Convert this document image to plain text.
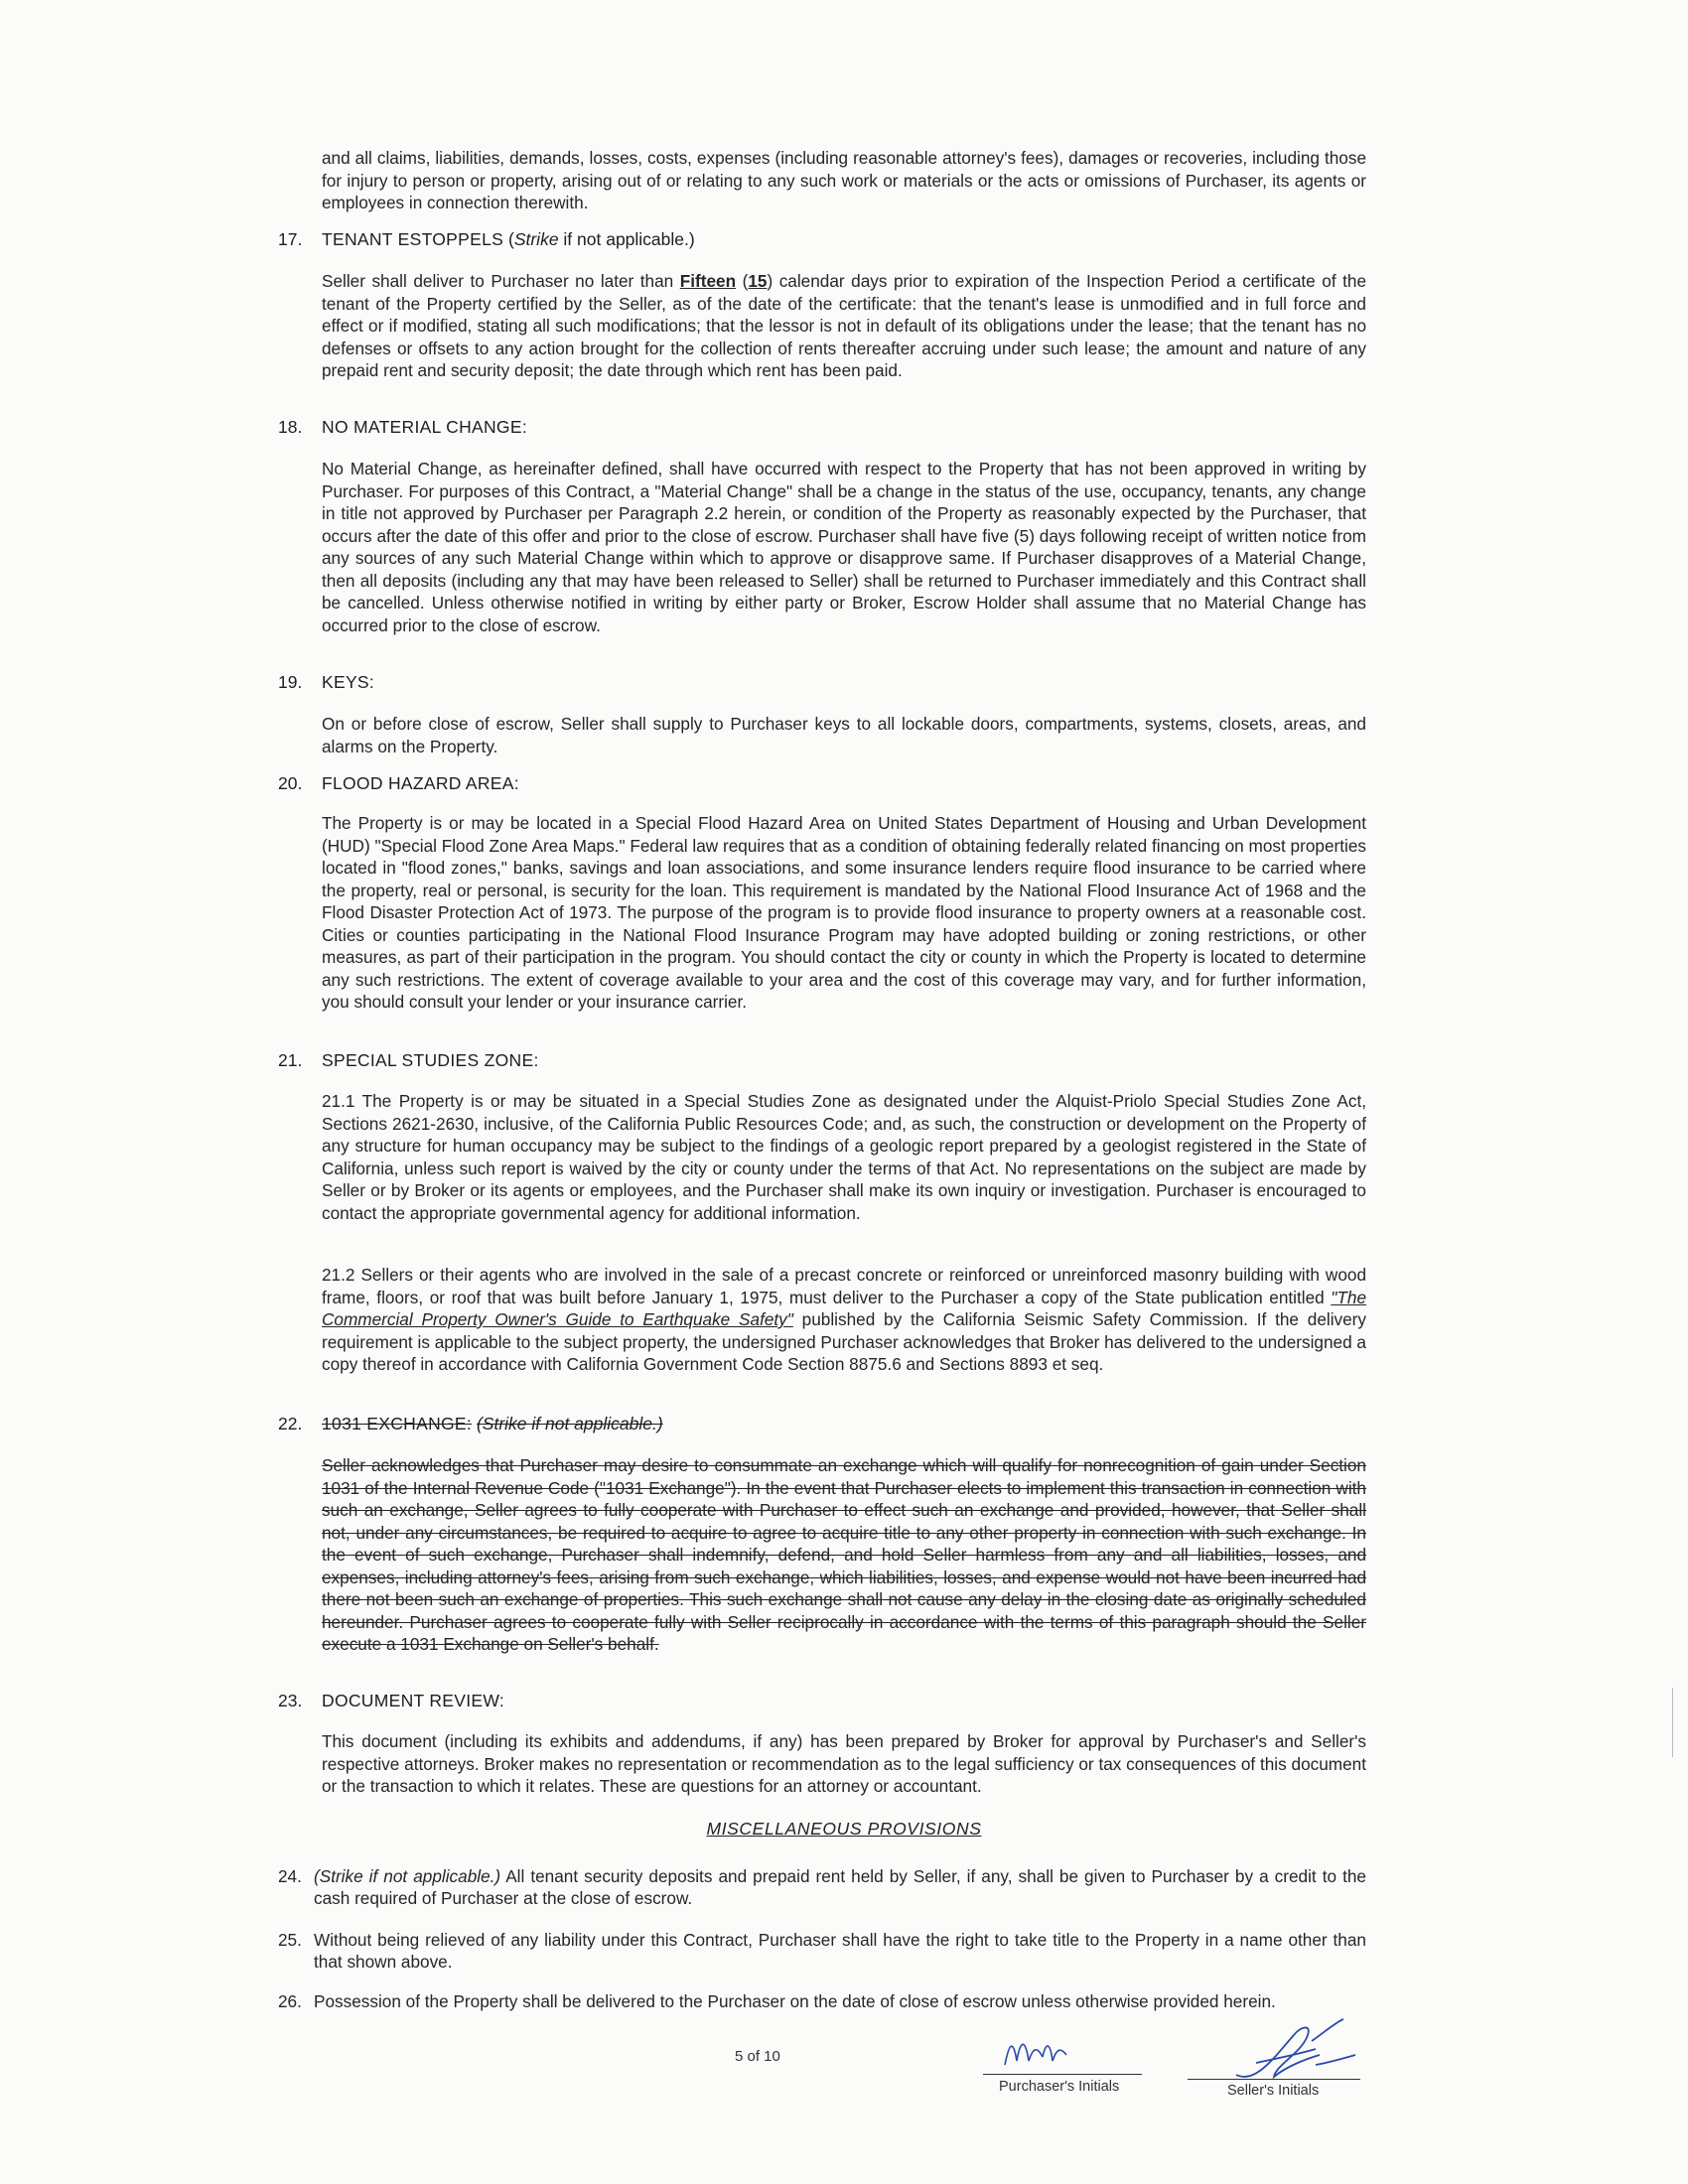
and all claims, liabilities, demands, losses, costs, expenses (including reasonable attorney's fees), damages or recoveries, including those for injury to person or property, arising out of or relating to any such work or materials or the acts or omissions of Purchaser, its agents or employees in connection therewith.
17. TENANT ESTOPPELS (Strike if not applicable.)
Seller shall deliver to Purchaser no later than Fifteen (15) calendar days prior to expiration of the Inspection Period a certificate of the tenant of the Property certified by the Seller, as of the date of the certificate: that the tenant's lease is unmodified and in full force and effect or if modified, stating all such modifications; that the lessor is not in default of its obligations under the lease; that the tenant has no defenses or offsets to any action brought for the collection of rents thereafter accruing under such lease; the amount and nature of any prepaid rent and security deposit; the date through which rent has been paid.
18. NO MATERIAL CHANGE:
No Material Change, as hereinafter defined, shall have occurred with respect to the Property that has not been approved in writing by Purchaser. For purposes of this Contract, a "Material Change" shall be a change in the status of the use, occupancy, tenants, any change in title not approved by Purchaser per Paragraph 2.2 herein, or condition of the Property as reasonably expected by the Purchaser, that occurs after the date of this offer and prior to the close of escrow. Purchaser shall have five (5) days following receipt of written notice from any sources of any such Material Change within which to approve or disapprove same. If Purchaser disapproves of a Material Change, then all deposits (including any that may have been released to Seller) shall be returned to Purchaser immediately and this Contract shall be cancelled. Unless otherwise notified in writing by either party or Broker, Escrow Holder shall assume that no Material Change has occurred prior to the close of escrow.
19. KEYS:
On or before close of escrow, Seller shall supply to Purchaser keys to all lockable doors, compartments, systems, closets, areas, and alarms on the Property.
20. FLOOD HAZARD AREA:
The Property is or may be located in a Special Flood Hazard Area on United States Department of Housing and Urban Development (HUD) "Special Flood Zone Area Maps." Federal law requires that as a condition of obtaining federally related financing on most properties located in "flood zones," banks, savings and loan associations, and some insurance lenders require flood insurance to be carried where the property, real or personal, is security for the loan. This requirement is mandated by the National Flood Insurance Act of 1968 and the Flood Disaster Protection Act of 1973. The purpose of the program is to provide flood insurance to property owners at a reasonable cost. Cities or counties participating in the National Flood Insurance Program may have adopted building or zoning restrictions, or other measures, as part of their participation in the program. You should contact the city or county in which the Property is located to determine any such restrictions. The extent of coverage available to your area and the cost of this coverage may vary, and for further information, you should consult your lender or your insurance carrier.
21. SPECIAL STUDIES ZONE:
21.1 The Property is or may be situated in a Special Studies Zone as designated under the Alquist-Priolo Special Studies Zone Act, Sections 2621-2630, inclusive, of the California Public Resources Code; and, as such, the construction or development on the Property of any structure for human occupancy may be subject to the findings of a geologic report prepared by a geologist registered in the State of California, unless such report is waived by the city or county under the terms of that Act. No representations on the subject are made by Seller or by Broker or its agents or employees, and the Purchaser shall make its own inquiry or investigation. Purchaser is encouraged to contact the appropriate governmental agency for additional information.
21.2 Sellers or their agents who are involved in the sale of a precast concrete or reinforced or unreinforced masonry building with wood frame, floors, or roof that was built before January 1, 1975, must deliver to the Purchaser a copy of the State publication entitled "The Commercial Property Owner's Guide to Earthquake Safety" published by the California Seismic Safety Commission. If the delivery requirement is applicable to the subject property, the undersigned Purchaser acknowledges that Broker has delivered to the undersigned a copy thereof in accordance with California Government Code Section 8875.6 and Sections 8893 et seq.
22. 1031 EXCHANGE: (Strike if not applicable.)
Seller acknowledges that Purchaser may desire to consummate an exchange which will qualify for nonrecognition of gain under Section 1031 of the Internal Revenue Code ("1031 Exchange"). In the event that Purchaser elects to implement this transaction in connection with such an exchange, Seller agrees to fully cooperate with Purchaser to effect such an exchange and provided, however, that Seller shall not, under any circumstances, be required to acquire to agree to acquire title to any other property in connection with such exchange. In the event of such exchange, Purchaser shall indemnify, defend, and hold Seller harmless from any and all liabilities, losses, and expenses, including attorney's fees, arising from such exchange, which liabilities, losses, and expense would not have been incurred had there not been such an exchange of properties. This such exchange shall not cause any delay in the closing date as originally scheduled hereunder. Purchaser agrees to cooperate fully with Seller reciprocally in accordance with the terms of this paragraph should the Seller execute a 1031 Exchange on Seller's behalf.
23. DOCUMENT REVIEW:
This document (including its exhibits and addendums, if any) has been prepared by Broker for approval by Purchaser's and Seller's respective attorneys. Broker makes no representation or recommendation as to the legal sufficiency or tax consequences of this document or the transaction to which it relates. These are questions for an attorney or accountant.
MISCELLANEOUS PROVISIONS
24. (Strike if not applicable.) All tenant security deposits and prepaid rent held by Seller, if any, shall be given to Purchaser by a credit to the cash required of Purchaser at the close of escrow.
25. Without being relieved of any liability under this Contract, Purchaser shall have the right to take title to the Property in a name other than that shown above.
26. Possession of the Property shall be delivered to the Purchaser on the date of close of escrow unless otherwise provided herein.
5 of 10
Purchaser's Initials	Seller's Initials
